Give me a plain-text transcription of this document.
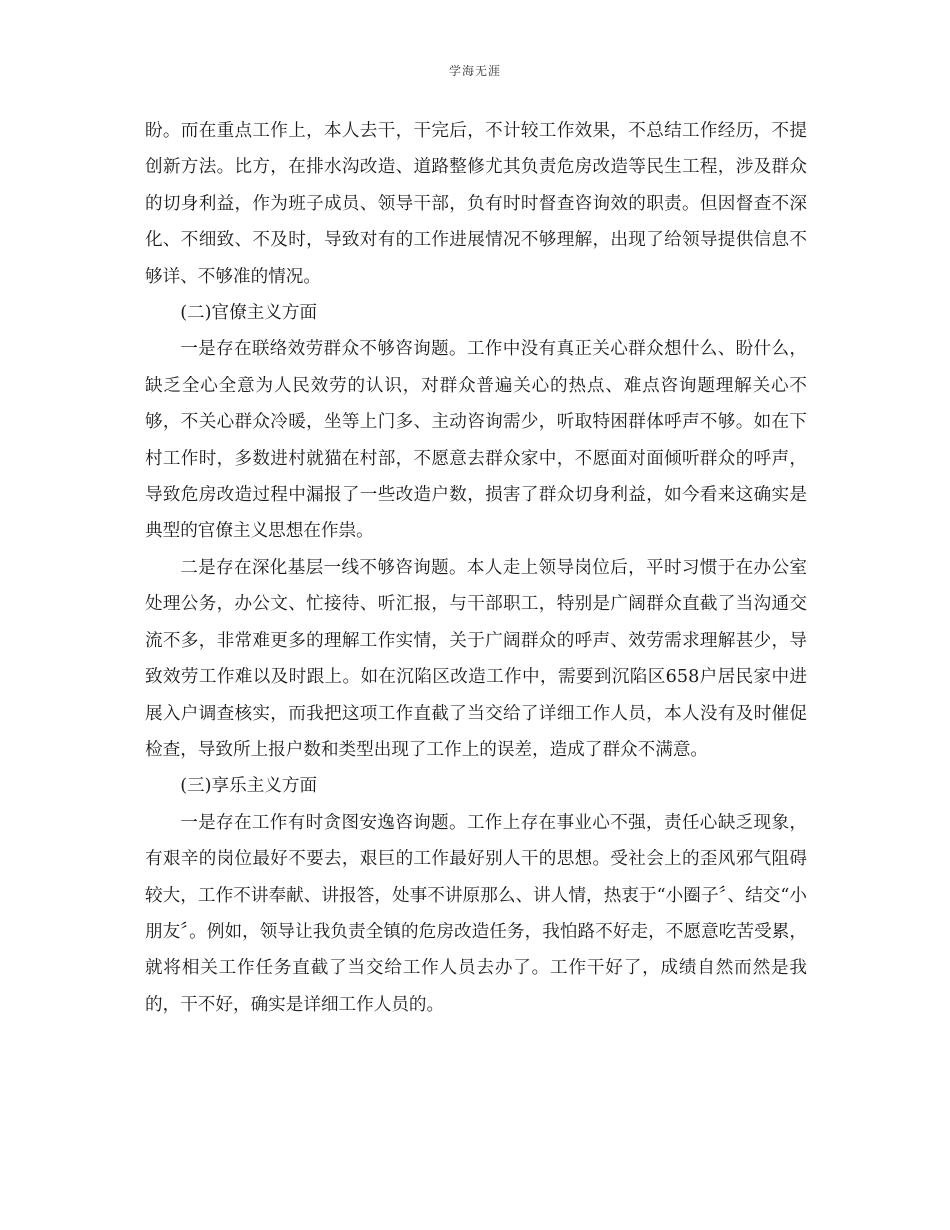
学海无涯

盼。而在重点工作上，本人去干，干完后，不计较工作效果，不总结工作经历，不提创新方法。比方，在排水沟改造、道路整修尤其负责危房改造等民生工程，涉及群众的切身利益，作为班子成员、领导干部，负有时时督查咨询效的职责。但因督查不深化、不细致、不及时，导致对有的工作进展情况不够理解，出现了给领导提供信息不够详、不够准的情况。

(二)官僚主义方面

一是存在联络效劳群众不够咨询题。工作中没有真正关心群众想什么、盼什么，缺乏全心全意为人民效劳的认识，对群众普遍关心的热点、难点咨询题理解关心不够，不关心群众冷暖，坐等上门多、主动咨询需少，听取特困群体呼声不够。如在下村工作时，多数进村就猫在村部，不愿意去群众家中，不愿面对面倾听群众的呼声，导致危房改造过程中漏报了一些改造户数，损害了群众切身利益，如今看来这确实是典型的官僚主义思想在作祟。

二是存在深化基层一线不够咨询题。本人走上领导岗位后，平时习惯于在办公室处理公务，办公文、忙接待、听汇报，与干部职工，特别是广阔群众直截了当沟通交流不多，非常难更多的理解工作实情，关于广阔群众的呼声、效劳需求理解甚少，导致效劳工作难以及时跟上。如在沉陷区改造工作中，需要到沉陷区658户居民家中进展入户调查核实，而我把这项工作直截了当交给了详细工作人员，本人没有及时催促检查，导致所上报户数和类型出现了工作上的误差，造成了群众不满意。

(三)享乐主义方面

一是存在工作有时贪图安逸咨询题。工作上存在事业心不强，责任心缺乏现象，有艰辛的岗位最好不要去，艰巨的工作最好别人干的思想。受社会上的歪风邪气阻碍较大，工作不讲奉献、讲报答，处事不讲原那么、讲人情，热衷于“小圈子〞、结交“小朋友〞。例如，领导让我负责全镇的危房改造任务，我怕路不好走，不愿意吃苦受累，就将相关工作任务直截了当交给工作人员去办了。工作干好了，成绩自然而然是我的，干不好，确实是详细工作人员的。
